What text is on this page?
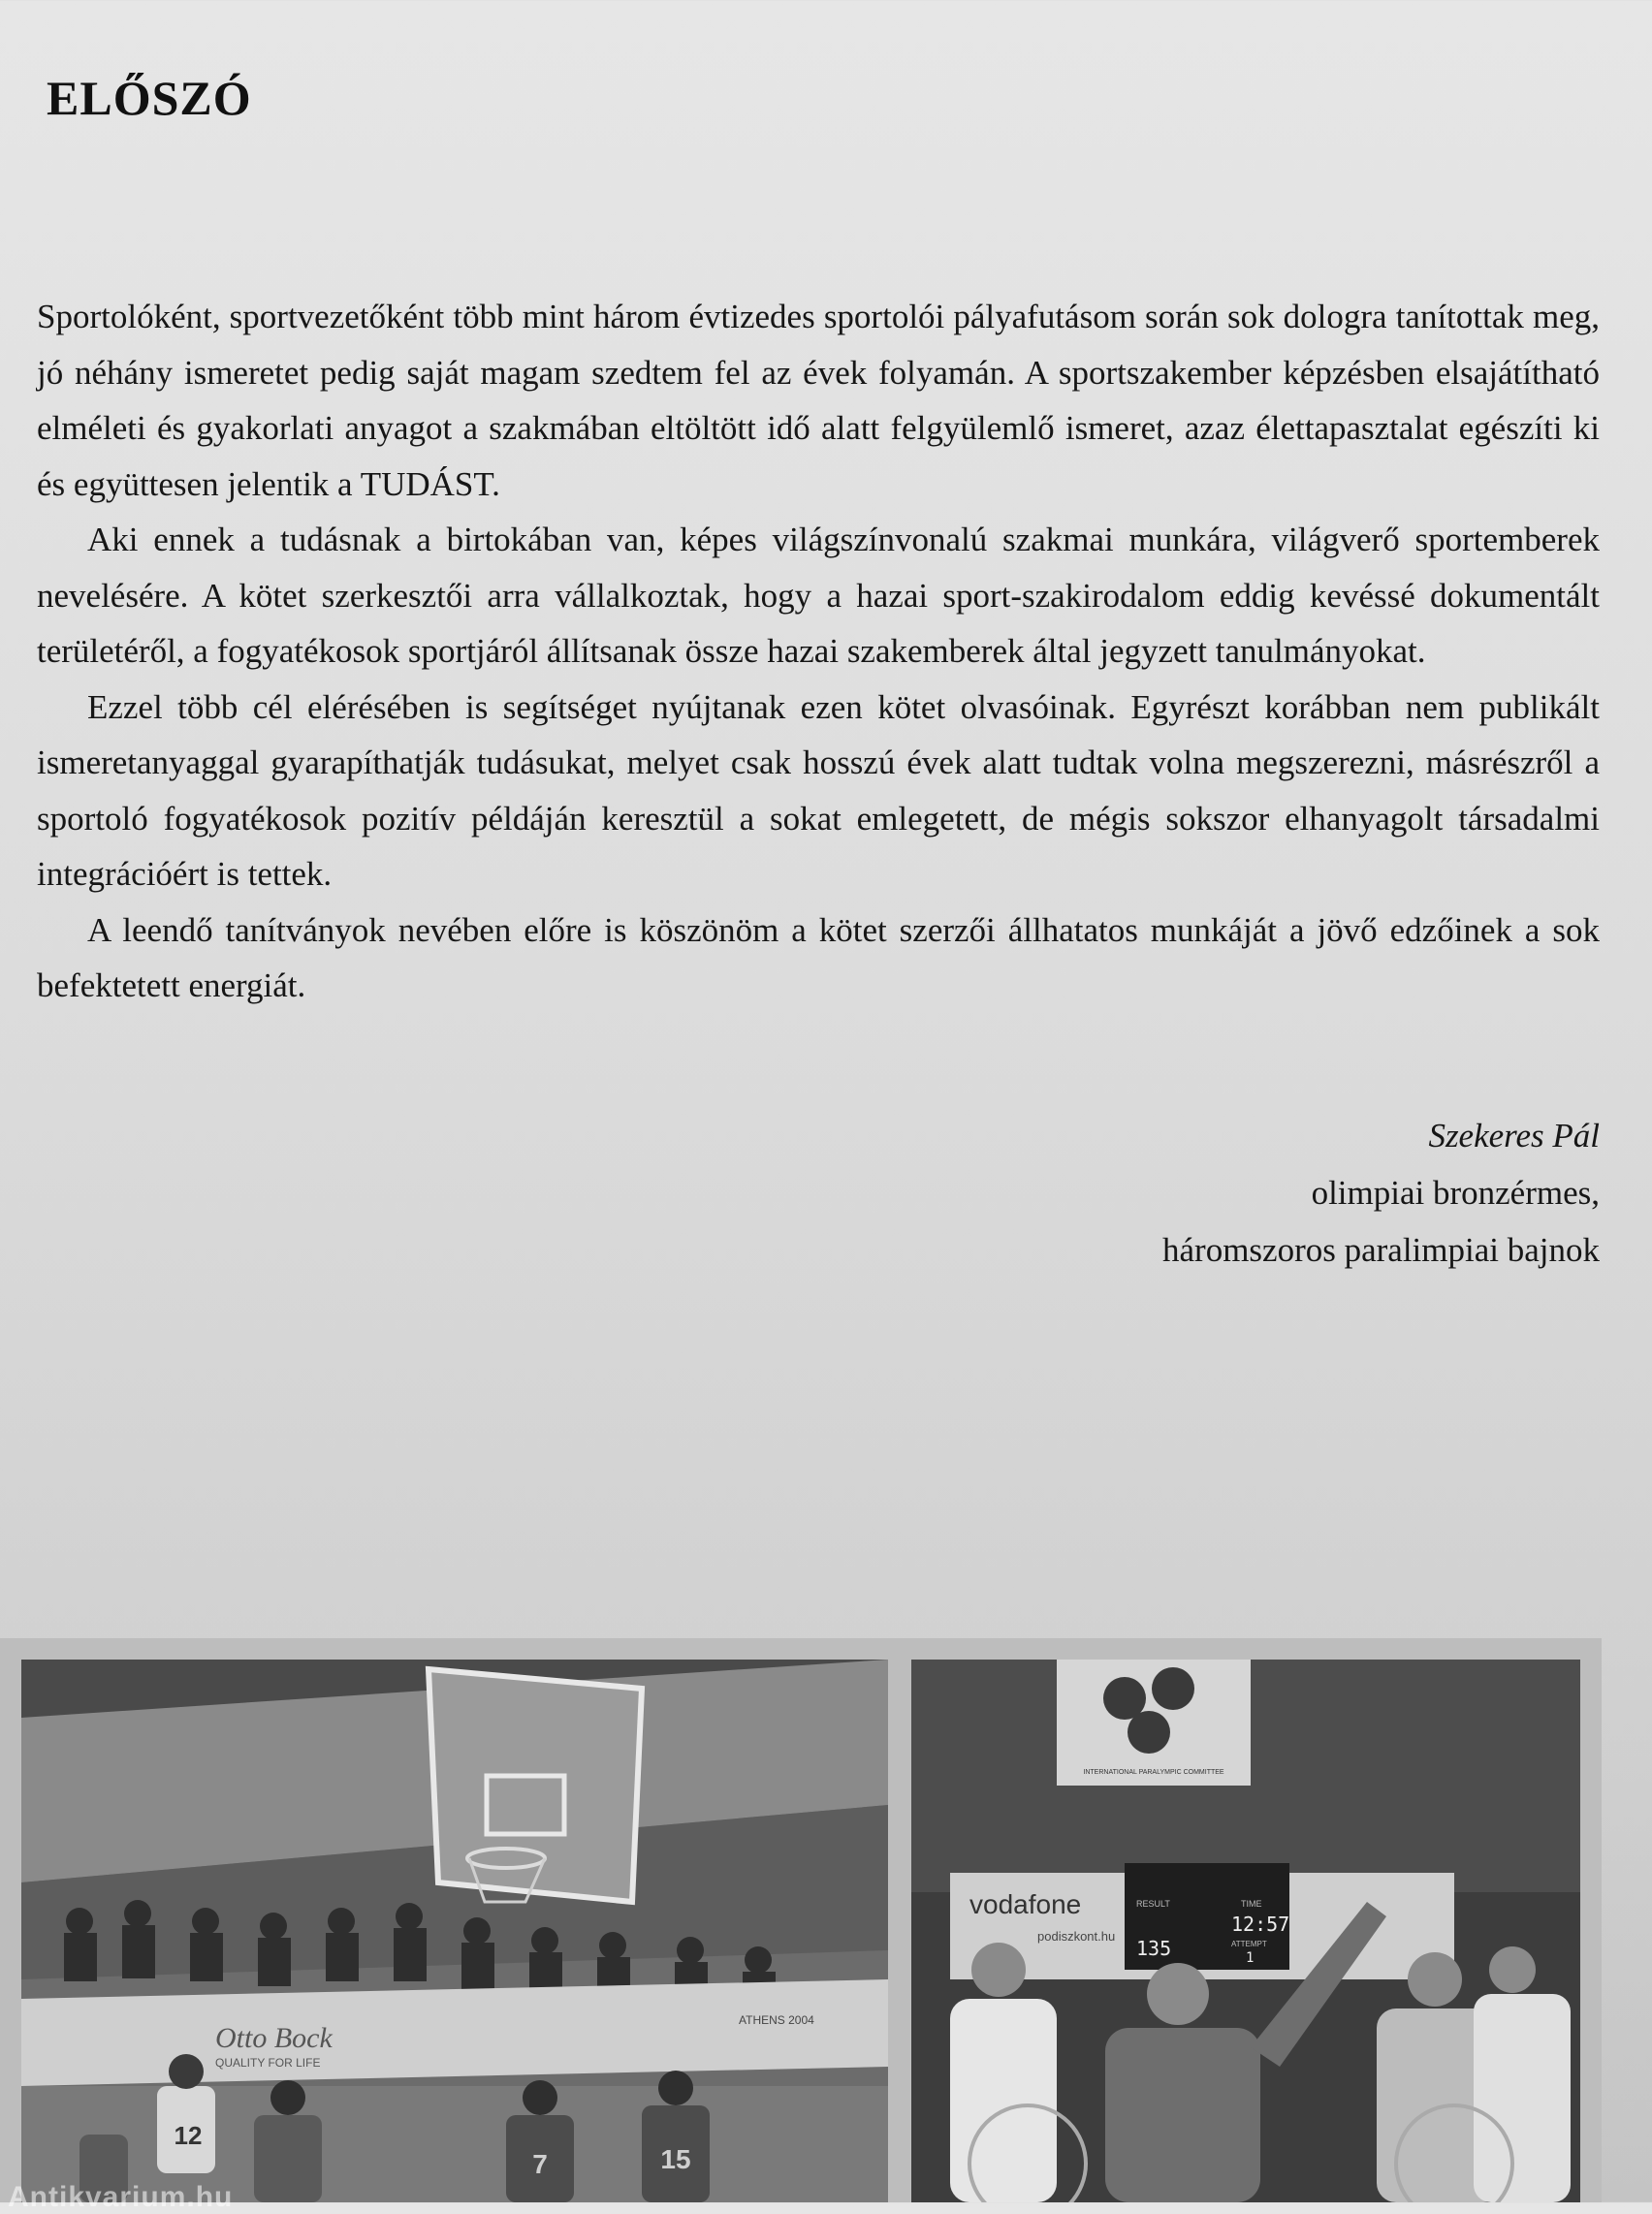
ELŐSZÓ

Sportolóként, sportvezetőként több mint három évtizedes sportolói pályafutásom során sok dologra tanítottak meg, jó néhány ismeretet pedig saját magam szedtem fel az évek folyamán. A sportszakember képzésben elsajátítható elméleti és gyakorlati anyagot a szakmában eltöltött idő alatt felgyülemlő ismeret, azaz élettapasztalat egészíti ki és együttesen jelentik a TUDÁST.

Aki ennek a tudásnak a birtokában van, képes világszínvonalú szakmai munkára, világverő sportemberek nevelésére. A kötet szerkesztői arra vállalkoztak, hogy a hazai sport-szakirodalom eddig kevéssé dokumentált területéről, a fogyatékosok sportjáról állítsanak össze hazai szakemberek által jegyzett tanulmányokat.

Ezzel több cél elérésében is segítséget nyújtanak ezen kötet olvasóinak. Egyrészt korábban nem publikált ismeretanyaggal gyarapíthatják tudásukat, melyet csak hosszú évek alatt tudtak volna megszerezni, másrészről a sportoló fogyatékosok pozitív példáján keresztül a sokat emlegetett, de mégis sokszor elhanyagolt társadalmi integrációért is tettek.

A leendő tanítványok nevében előre is köszönöm a kötet szerzői állhatatos munkáját a jövő edzőinek a sok befektetett energiát.

Szekeres Pál
olimpiai bronzérmes,
háromszoros paralimpiai bajnok
Otto Bock
QUALITY FOR LIFE
ATHENS 2004
12
7	15
INTERNATIONAL PARALYMPIC COMMITTEE
vodafone
podiszkont.hu
RESULT	TIME
12:57
135	ATTEMPT
1
Antikvarium.hu
